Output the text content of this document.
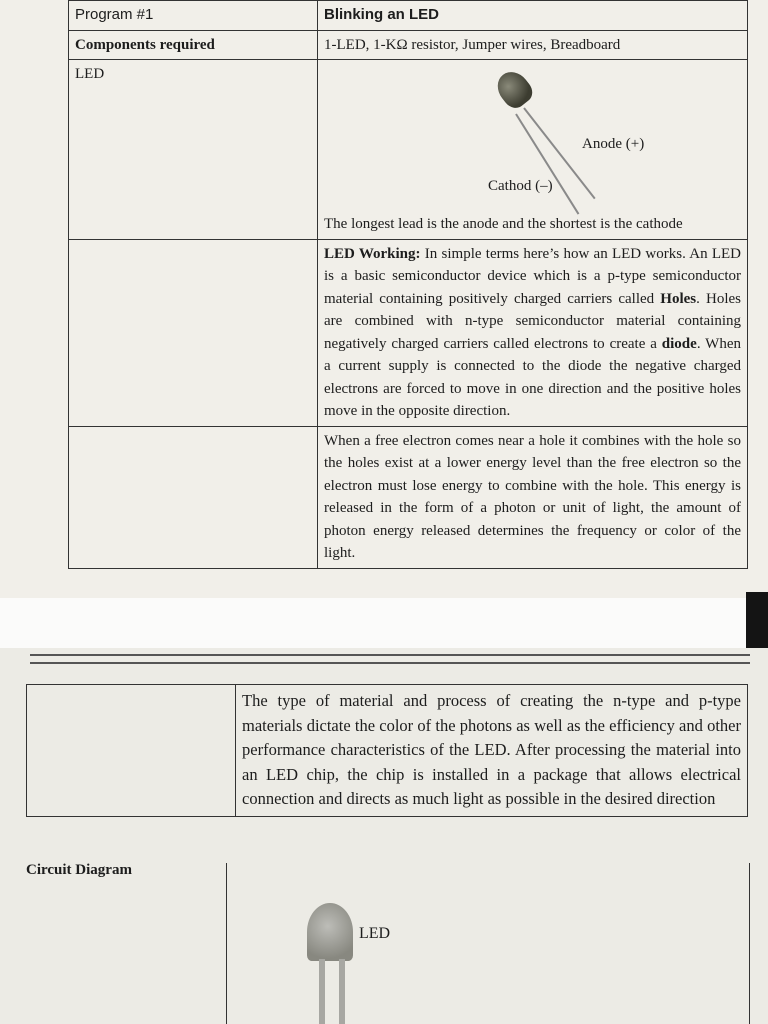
Program #1	Blinking an LED
Components required	1-LED, 1-KΩ resistor, Jumper wires, Breadboard
LED	Anode (+)
Cathod (–)
The longest lead is the anode and the shortest is the cathode

	LED Working: In simple terms here’s how an LED works. An LED is a basic semiconductor device which is a p-type semiconductor material containing positively charged carriers called Holes. Holes are combined with n-type semiconductor material containing negatively charged carriers called electrons to create a diode. When a current supply is connected to the diode the negative charged electrons are forced to move in one direction and the positive holes move in the opposite direction.
	When a free electron comes near a hole it combines with the hole so the holes exist at a lower energy level than the free electron so the electron must lose energy to combine with the hole. This energy is released in the form of a photon or unit of light, the amount of photon energy released determines the frequency or color of the light.
	The type of material and process of creating the n-type and p-type materials dictate the color of the photons as well as the efficiency and other performance characteristics of the LED. After processing the material into an LED chip, the chip is installed in a package that allows electrical connection and directs as much light as possible in the desired direction
Circuit Diagram
LED
